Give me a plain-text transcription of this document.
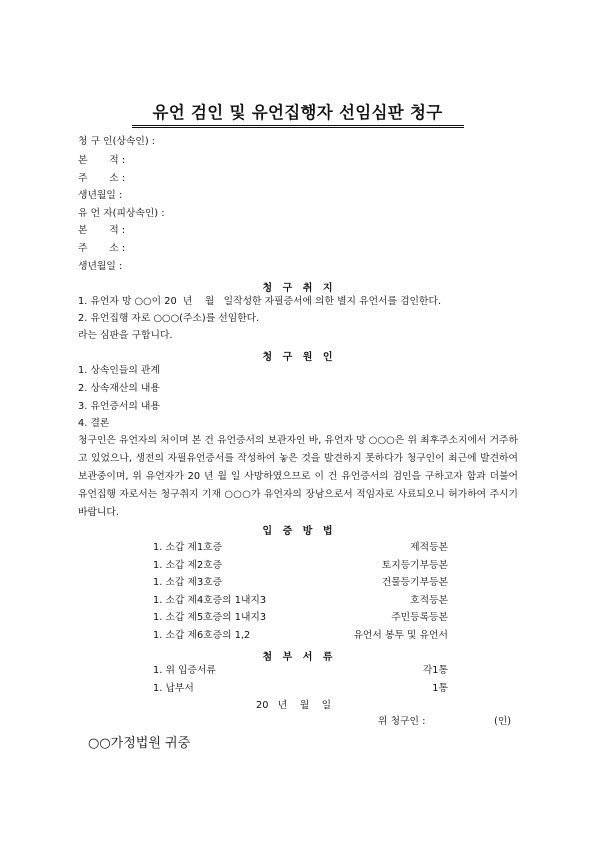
유언 검인 및 유언집행자 선임심판 청구
청 구 인(상속인) :
본       적 :
주       소 :
생년월일 :
유 언 자(피상속인) :
본       적 :
주       소 :
생년월일 :
청   구   취   지
1. 유언자 망 ○○이 20  년    월   일작성한 자필증서에 의한 별지 유언서를 검인한다.
2. 유언집행 자로 ○○○(주소)를 선임한다.
라는 심판을 구합니다.
청   구   원   인
1. 상속인들의 관계
2. 상속재산의 내용
3. 유언증서의 내용
4. 결론

청구인은 유언자의 처이며 본 건 유언증서의 보관자인 바, 유언자 망 ○○○은 위 최후주소지에서 거주하고 있었으나, 생전의 자필유언증서를 작성하여 놓은 것을 발견하지 못하다가 청구인이 최근에 발견하여 보관중이며, 위 유언자가 20 년 월 일 사망하였으므로 이 건 유언증서의 검인을 구하고자 함과 더불어 유언집행 자로서는 청구취지 기재 ○○○가 유언자의 장남으로서 적임자로 사료되오니 허가하여 주시기 바랍니다.

입   증   방   법
1. 소갑 제1호증	제적등본
1. 소갑 제2호증	토지등기부등본
1. 소갑 제3호증	건물등기부등본
1. 소갑 제4호증의 1내지3	호적등본
1. 소갑 제5호증의 1내지3	주민등록등본
1. 소갑 제6호증의 1,2	유언서 봉투 및 유언서
첨   부   서   류
1. 위 입증서류	각1통
1. 납부서	1통
20   년    월    일
위 청구인 :	(인)
○○가정법원 귀중
